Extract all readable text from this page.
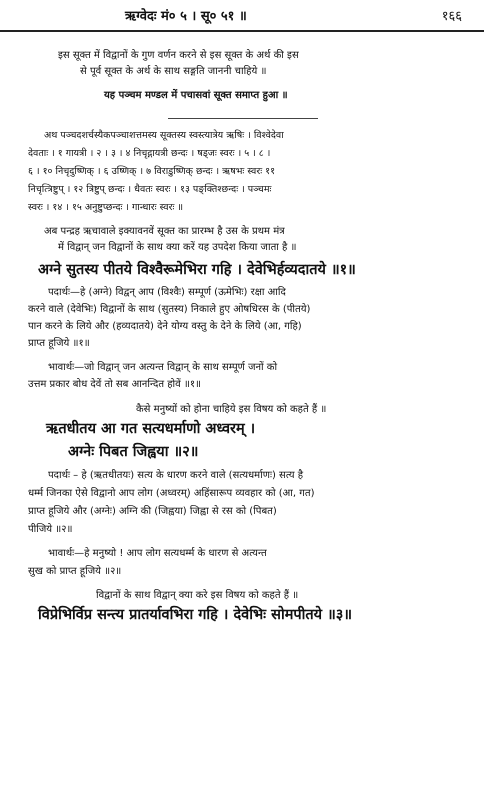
ऋग्वेदः मं० ५ । सू० ५१ ॥	१६६
इस सूक्त में विद्वानों के गुण वर्णन करने से इस सूक्त के अर्थ की इस
से पूर्व सूक्त के अर्थ के साथ सङ्गति जाननी चाहिये ॥
यह पञ्चम मण्डल में पचासवां सूक्त समाप्त हुआ ॥
अथ पञ्चदशर्चस्यैकपञ्चाशत्तमस्य सूक्तस्य स्वस्त्यात्रेय ऋषिः । विश्वेदेवा
देवताः । १ गायत्री । २ । ३ । ४ निचृद्गायत्री छन्दः । षड्जः स्वरः । ५ । ८ ।
६ । १० निचृदुष्णिक् । ६ उष्णिक् । ७ विराडुष्णिक् छन्दः । ऋषभः स्वरः ११
निचृत्त्रिष्टुप् । १२ त्रिष्टुप् छन्दः । धैवतः स्वरः । १३ पङ्क्तिश्छन्दः । पञ्चमः
स्वरः । १४ । १५ अनुष्टुप्छन्दः । गान्धारः स्वरः ॥
अब पन्द्रह ऋचावाले इक्यावनवें सूक्त का प्रारम्भ है उस के प्रथम मंत्र
में विद्वान् जन विद्वानों के साथ क्या करें यह उपदेश किया जाता है ॥
अग्ने सुतस्य पीतये विश्वैरूमेभिरा गहि । देवेभिर्हव्यदातये ॥१॥
पदार्थः—हे (अग्ने) विद्वन् आप (विश्वैः) सम्पूर्ण (ऊमेभिः) रक्षा आदि
करने वाले (देवेभिः) विद्वानों के साथ (सुतस्य) निकाले हुए ओषधिरस के (पीतये)
पान करने के लिये और (हव्यदातये) देने योग्य वस्तु के देने के लिये (आ, गहि)
प्राप्त हूजिये ॥१॥
भावार्थः—जो विद्वान् जन अत्यन्त विद्वान् के साथ सम्पूर्ण जनों को
उत्तम प्रकार बोध देवें तो सब आनन्दित होवें ॥१॥
कैसे मनुष्यों को होना चाहिये इस विषय को कहते हैं ॥
ऋतधीतय आ गत सत्यधर्माणो अध्वरम् ।
अग्नेः पिबत जिह्वया ॥२॥
पदार्थः – हे (ऋतधीतयः) सत्य के धारण करने वाले (सत्यधर्माणः) सत्य है
धर्म्म जिनका ऐसे विद्वानो आप लोग (अध्वरम्) अहिंसारूप व्यवहार को (आ, गत)
प्राप्त हूजिये और (अग्नेः) अग्नि की (जिह्वया) जिह्वा से रस को (पिबत)
पीजिये ॥२॥
भावार्थः—हे मनुष्यो ! आप लोग सत्यधर्म्म के धारण से अत्यन्त
सुख को प्राप्त हूजिये ॥२॥
विद्वानों के साथ विद्वान् क्या करे इस विषय को कहते हैं ॥
विप्रेभिर्विप्र सन्त्य प्रातर्यावभिरा गहि । देवेभिः सोमपीतये ॥३॥
